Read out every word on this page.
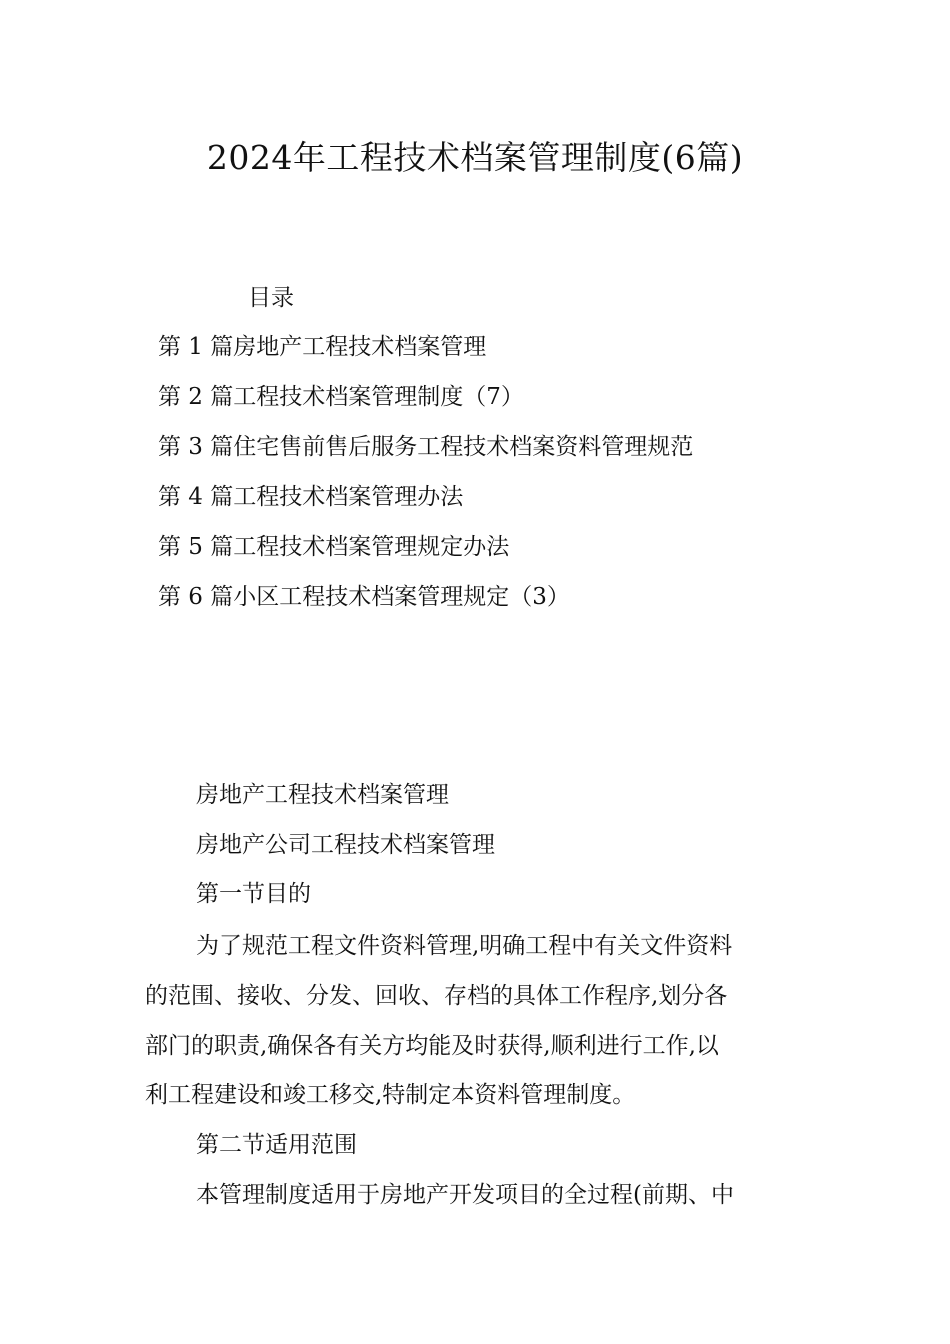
2024年工程技术档案管理制度(6篇)
目录
第 1 篇房地产工程技术档案管理
第 2 篇工程技术档案管理制度（7）
第 3 篇住宅售前售后服务工程技术档案资料管理规范
第 4 篇工程技术档案管理办法
第 5 篇工程技术档案管理规定办法
第 6 篇小区工程技术档案管理规定（3）
房地产工程技术档案管理
房地产公司工程技术档案管理
第一节目的
为了规范工程文件资料管理,明确工程中有关文件资料
的范围、接收、分发、回收、存档的具体工作程序,划分各
部门的职责,确保各有关方均能及时获得,顺利进行工作,以
利工程建设和竣工移交,特制定本资料管理制度。
第二节适用范围
本管理制度适用于房地产开发项目的全过程(前期、中
